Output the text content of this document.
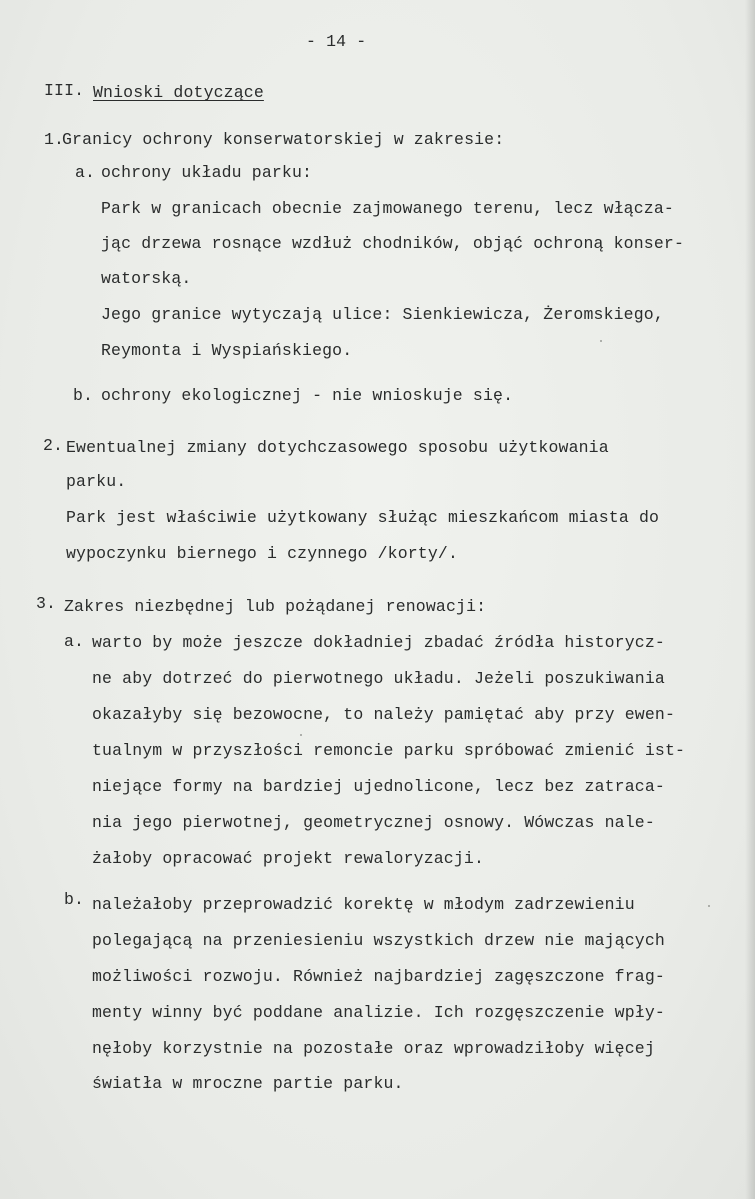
- 14 -
III. Wnioski dotyczące
1.
Granicy ochrony konserwatorskiej w zakresie:
a. ochrony układu parku:
Park w granicach obecnie zajmowanego terenu, lecz włącza-
jąc drzewa rosnące wzdłuż chodników, objąć ochroną konser-
watorską.
Jego granice wytyczają ulice: Sienkiewicza, Żeromskiego,
Reymonta i Wyspiańskiego.
b. ochrony ekologicznej - nie wnioskuje się.
2. Ewentualnej zmiany dotychczasowego sposobu użytkowania
parku.
Park jest właściwie użytkowany służąc mieszkańcom miasta do
wypoczynku biernego i czynnego /korty/.
3. Zakres niezbędnej lub pożądanej renowacji:
a. warto by może jeszcze dokładniej zbadać źródła historycz-
ne aby dotrzeć do pierwotnego układu. Jeżeli poszukiwania
okazałyby się bezowocne, to należy pamiętać aby przy ewen-
tualnym w przyszłości remoncie parku spróbować zmienić ist-
niejące formy na bardziej ujednolicone, lecz bez zatraca-
nia jego pierwotnej, geometrycznej osnowy. Wówczas nale-
żałoby opracować projekt rewaloryzacji.
b. należałoby przeprowadzić korektę w młodym zadrzewieniu
polegającą na przeniesieniu wszystkich drzew nie mających
możliwości rozwoju. Również najbardziej zagęszczone frag-
menty winny być poddane analizie. Ich rozgęszczenie wpły-
nęłoby korzystnie na pozostałe oraz wprowadziłoby więcej
światła w mroczne partie parku.
